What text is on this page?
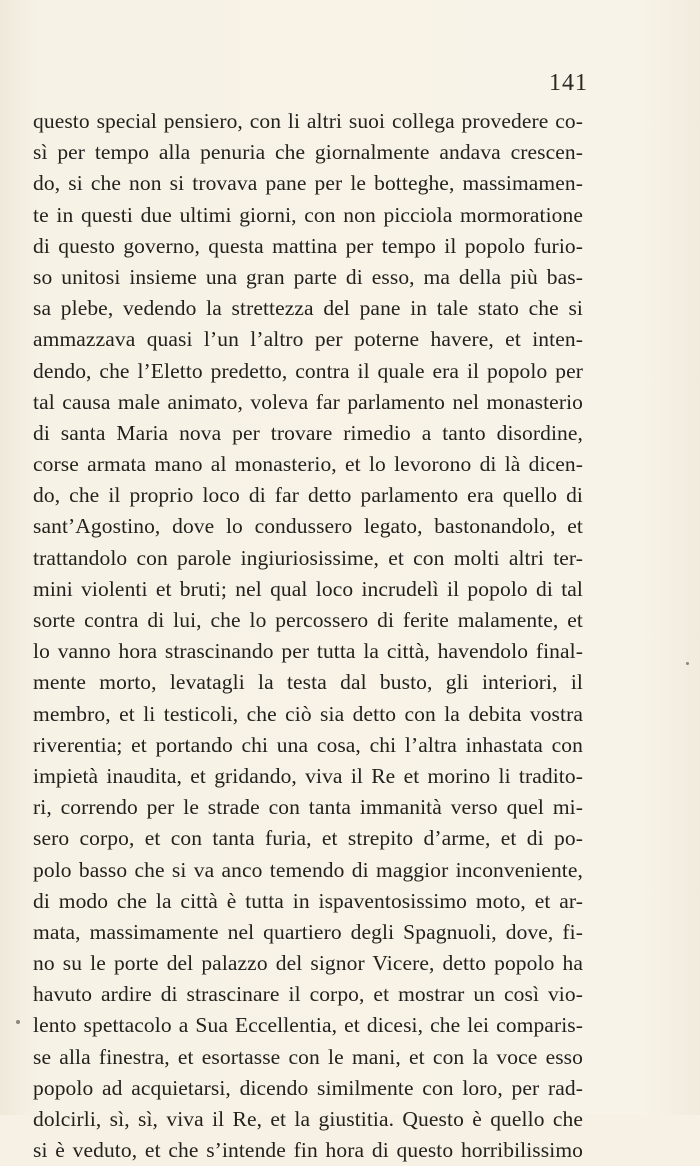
141
questo special pensiero, con li altri suoi collega provedere co-
sì per tempo alla penuria che giornalmente andava crescen-
do, si che non si trovava pane per le botteghe, massimamen-
te in questi due ultimi giorni, con non picciola mormoratione
di questo governo, questa mattina per tempo il popolo furio-
so unitosi insieme una gran parte di esso, ma della più bas-
sa plebe, vedendo la strettezza del pane in tale stato che si
ammazzava quasi l’un l’altro per poterne havere, et inten-
dendo, che l’Eletto predetto, contra il quale era il popolo per
tal causa male animato, voleva far parlamento nel monasterio
di santa Maria nova per trovare rimedio a tanto disordine,
corse armata mano al monasterio, et lo levorono di là dicen-
do, che il proprio loco di far detto parlamento era quello di
sant’Agostino, dove lo condussero legato, bastonandolo, et
trattandolo con parole ingiuriosissime, et con molti altri ter-
mini violenti et bruti; nel qual loco incrudelì il popolo di tal
sorte contra di lui, che lo percossero di ferite malamente, et
lo vanno hora strascinando per tutta la città, havendolo final-
mente morto, levatagli la testa dal busto, gli interiori, il
membro, et li testicoli, che ciò sia detto con la debita vostra
riverentia; et portando chi una cosa, chi l’altra inhastata con
impietà inaudita, et gridando, viva il Re et morino li tradito-
ri, correndo per le strade con tanta immanità verso quel mi-
sero corpo, et con tanta furia, et strepito d’arme, et di po-
polo basso che si va anco temendo di maggior inconveniente,
di modo che la città è tutta in ispaventosissimo moto, et ar-
mata, massimamente nel quartiero degli Spagnuoli, dove, fi-
no su le porte del palazzo del signor Vicere, detto popolo ha
havuto ardire di strascinare il corpo, et mostrar un così vio-
lento spettacolo a Sua Eccellentia, et dicesi, che lei comparis-
se alla finestra, et esortasse con le mani, et con la voce esso
popolo ad acquietarsi, dicendo similmente con loro, per rad-
dolcirli, sì, sì, viva il Re, et la giustitia. Questo è quello che
si è veduto, et che s’intende fin hora di questo horribilissimo
